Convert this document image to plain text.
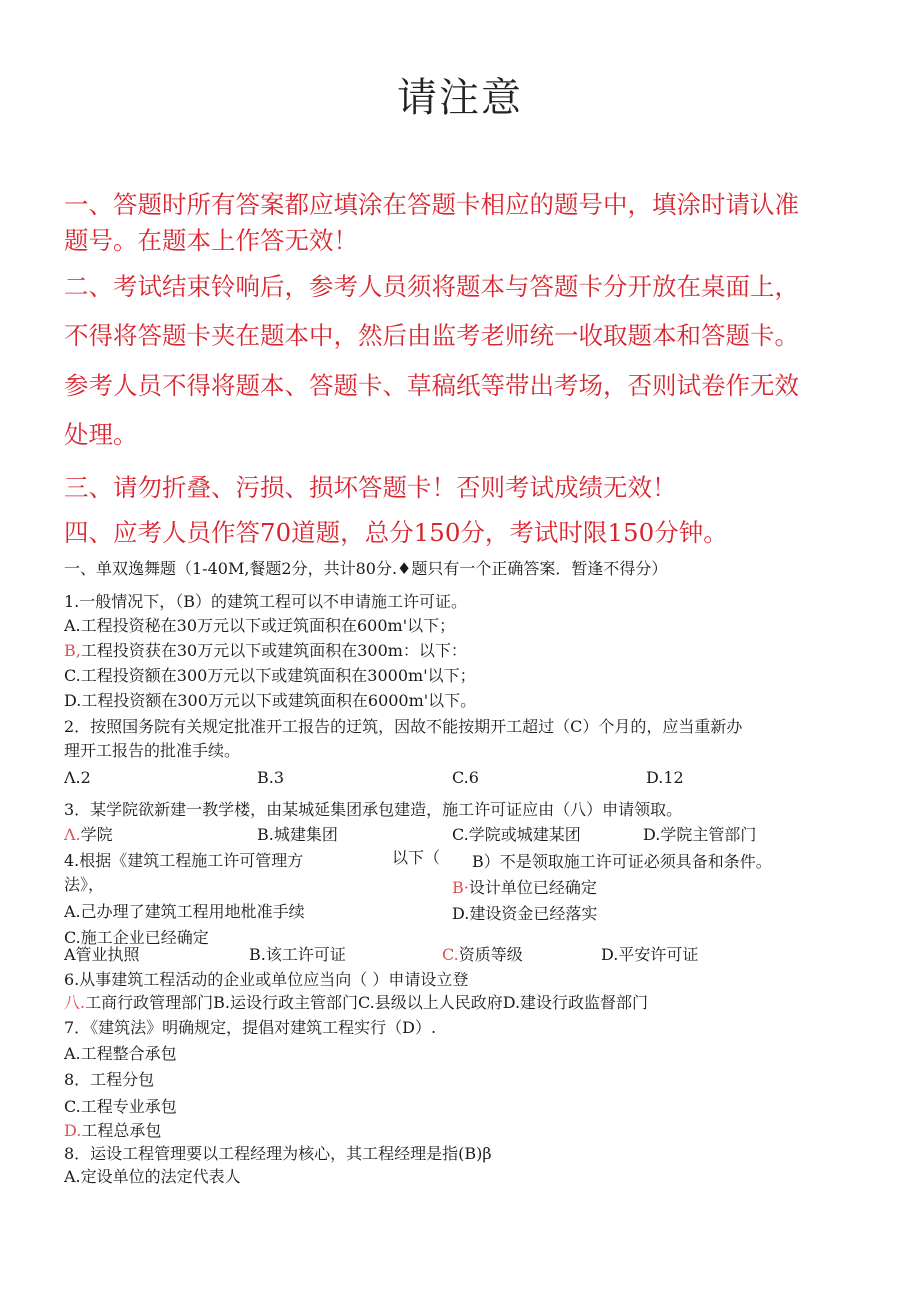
请注意
一、答题时所有答案都应填涂在答题卡相应的题号中，填涂时请认准
题号。在题本上作答无效！
二、考试结束铃响后，参考人员须将题本与答题卡分开放在桌面上，
不得将答题卡夹在题本中，然后由监考老师统一收取题本和答题卡。
参考人员不得将题本、答题卡、草稿纸等带出考场，否则试卷作无效
处理。
三、请勿折叠、污损、损坏答题卡！否则考试成绩无效！
四、应考人员作答70道题，总分150分，考试时限150分钟。
一、单双逸舞题（1-40M,餐题2分，共计80分.♦题只有一个正确答案．暂逢不得分）
1.一般情况下，（B）的建筑工程可以不申请施工许可证。
A.工程投资秘在30万元以下或迂筑面积在600m'以下；
B,工程投资获在30万元以下或建筑面积在300m：以下：
C.工程投资额在300万元以下或建筑面积在3000m'以下；
D.工程投资额在300万元以下或建筑面积在6000m'以下。
2．按照国务院有关规定批准开工报告的迂筑，因故不能按期开工超过（C）个月的，应当重新办
理开工报告的批准手续。
Λ.2	B.3	C.6	D.12
3．某学院欲新建一教学楼，由某城延集团承包建造，施工许可证应由（八）申请领取。
Λ.学院	B.城建集团	C.学院或城建某团	D.学院主管部门
4.根据《建筑工程施工许可管理方	以下（ B）不是领取施工许可证必须具备和条件。
法》，	B·设计单位已经确定
A.己办理了建筑工程用地枇准手续	D.建设资金已经落实
C.施工企业已经确定
A管业执照	B.该工许可证	C.资质等级	D.平安许可证
6.从事建筑工程活动的企业或单位应当向（ ）申请设立登
八.工商行政管理部门B.运设行政主管部门C.县级以上人民政府D.建设行政监督部门
7．《建筑法》明确规定，提倡对建筑工程实行（D）.
A.工程整合承包
8．工程分包
C.工程专业承包
D.工程总承包
8．运设工程管理要以工程经理为核心，其工程经理是指(B)β
A.定设单位的法定代表人
